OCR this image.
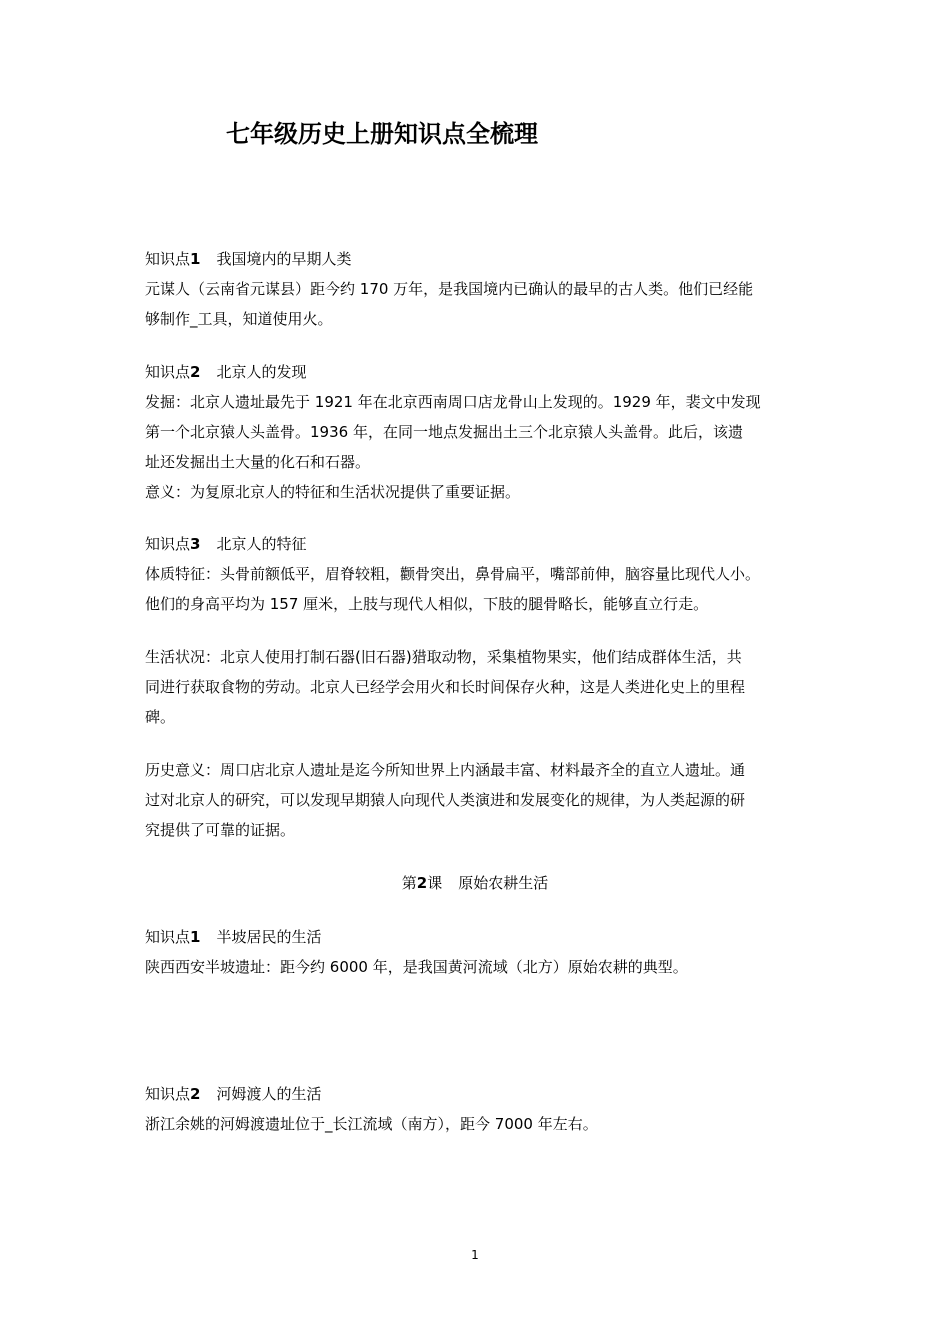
七年级历史上册知识点全梳理
知识点1 我国境内的早期人类
元谋人（云南省元谋县）距今约 170 万年，是我国境内已确认的最早的古人类。他们已经能
够制作_工具，知道使用火。
知识点2 北京人的发现
发掘：北京人遗址最先于 1921 年在北京西南周口店龙骨山上发现的。1929 年，裴文中发现
第一个北京猿人头盖骨。1936 年，在同一地点发掘出土三个北京猿人头盖骨。此后，该遗
址还发掘出土大量的化石和石器。
意义：为复原北京人的特征和生活状况提供了重要证据。
知识点3 北京人的特征
体质特征：头骨前额低平，眉脊较粗，颧骨突出，鼻骨扁平，嘴部前伸，脑容量比现代人小。
他们的身高平均为 157 厘米，上肢与现代人相似，下肢的腿骨略长，能够直立行走。
生活状况：北京人使用打制石器(旧石器)猎取动物，采集植物果实，他们结成群体生活，共
同进行获取食物的劳动。北京人已经学会用火和长时间保存火种，这是人类进化史上的里程
碑。
历史意义：周口店北京人遗址是迄今所知世界上内涵最丰富、材料最齐全的直立人遗址。通
过对北京人的研究，可以发现早期猿人向现代人类演进和发展变化的规律，为人类起源的研
究提供了可靠的证据。
第2课 原始农耕生活
知识点1 半坡居民的生活
陕西西安半坡遗址：距今约 6000 年，是我国黄河流域（北方）原始农耕的典型。
知识点2 河姆渡人的生活
浙江余姚的河姆渡遗址位于_长江流域（南方），距今 7000 年左右。
1
